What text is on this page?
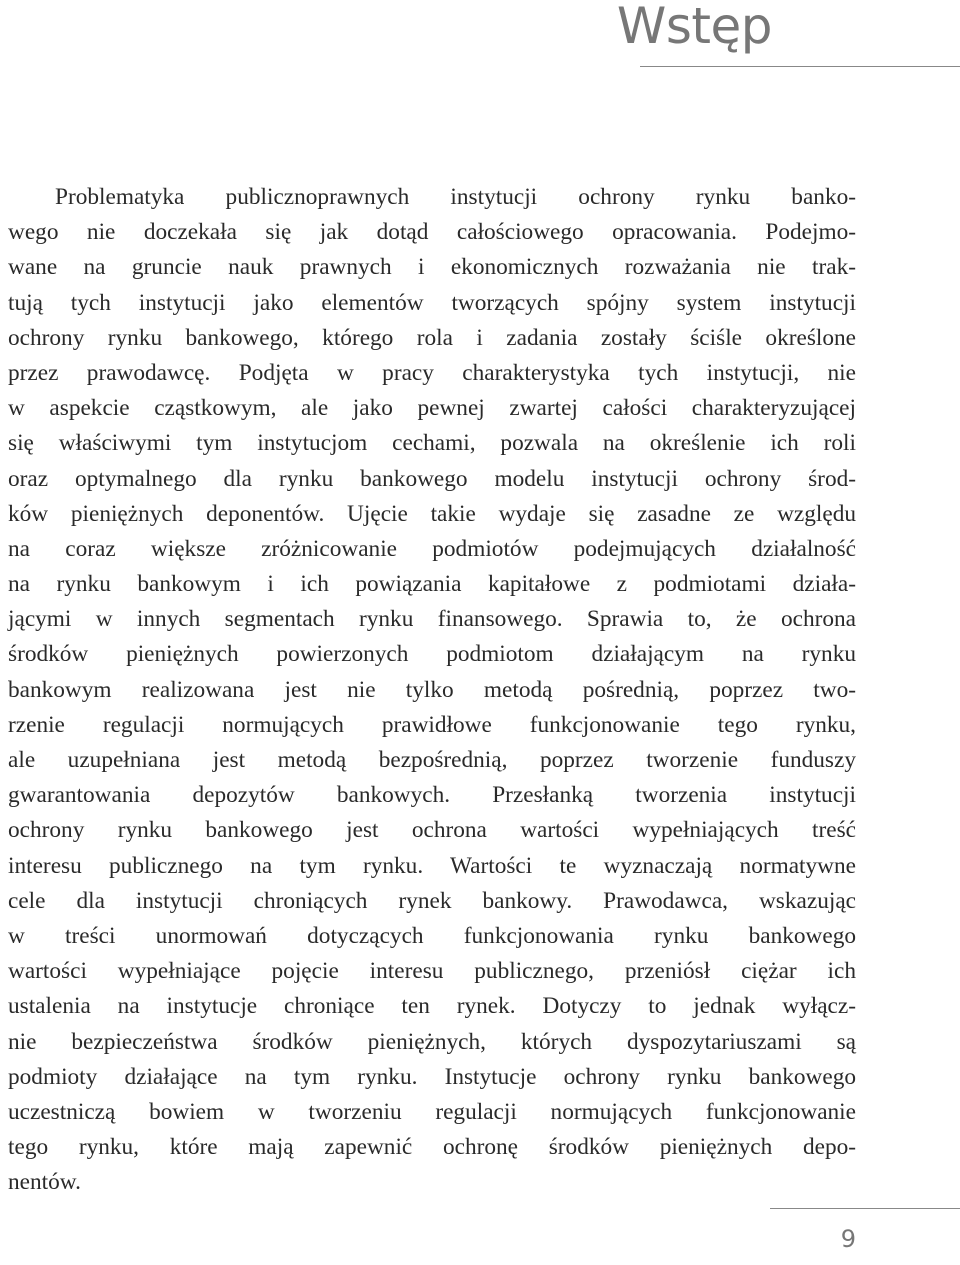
Wstęp
Problematyka publicznoprawnych instytucji ochrony rynku banko-
wego nie doczekała się jak dotąd całościowego opracowania. Podejmo-
wane na gruncie nauk prawnych i ekonomicznych rozważania nie trak-
tują tych instytucji jako elementów tworzących spójny system instytucji
ochrony rynku bankowego, którego rola i zadania zostały ściśle określone
przez prawodawcę. Podjęta w pracy charakterystyka tych instytucji, nie
w aspekcie cząstkowym, ale jako pewnej zwartej całości charakteryzującej
się właściwymi tym instytucjom cechami, pozwala na określenie ich roli
oraz optymalnego dla rynku bankowego modelu instytucji ochrony środ-
ków pieniężnych deponentów. Ujęcie takie wydaje się zasadne ze względu
na coraz większe zróżnicowanie podmiotów podejmujących działalność
na rynku bankowym i ich powiązania kapitałowe z podmiotami działa-
jącymi w innych segmentach rynku finansowego. Sprawia to, że ochrona
środków pieniężnych powierzonych podmiotom działającym na rynku
bankowym realizowana jest nie tylko metodą pośrednią, poprzez two-
rzenie regulacji normujących prawidłowe funkcjonowanie tego rynku,
ale uzupełniana jest metodą bezpośrednią, poprzez tworzenie funduszy
gwarantowania depozytów bankowych. Przesłanką tworzenia instytucji
ochrony rynku bankowego jest ochrona wartości wypełniających treść
interesu publicznego na tym rynku. Wartości te wyznaczają normatywne
cele dla instytucji chroniących rynek bankowy. Prawodawca, wskazując
w treści unormowań dotyczących funkcjonowania rynku bankowego
wartości wypełniające pojęcie interesu publicznego, przeniósł ciężar ich
ustalenia na instytucje chroniące ten rynek. Dotyczy to jednak wyłącz-
nie bezpieczeństwa środków pieniężnych, których dyspozytariuszami są
podmioty działające na tym rynku. Instytucje ochrony rynku bankowego
uczestniczą bowiem w tworzeniu regulacji normujących funkcjonowanie
tego rynku, które mają zapewnić ochronę środków pieniężnych depo-
nentów.
9
